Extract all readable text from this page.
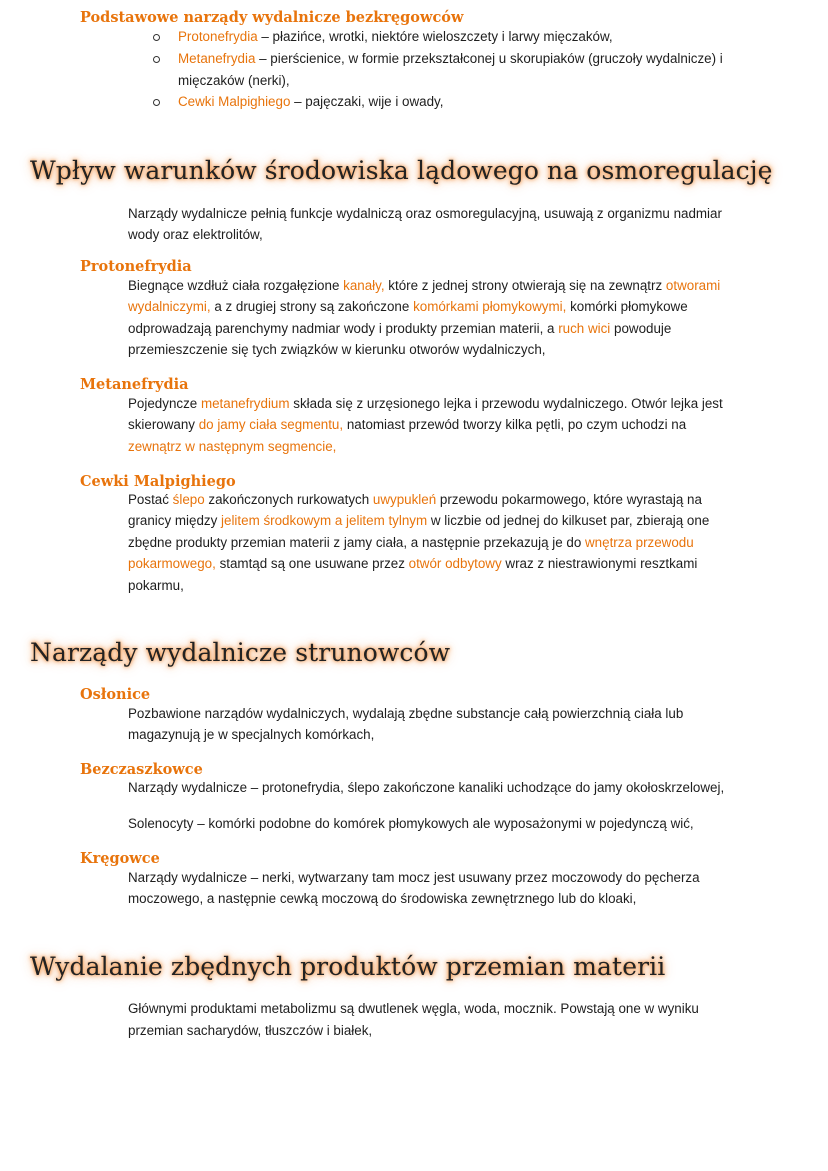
Podstawowe narządy wydalnicze bezkręgowców
Protonefrydia – płazińce, wrotki, niektóre wieloszczety i larwy mięczaków,
Metanefrydia – pierścienice, w formie przekształconej u skorupiaków (gruczoły wydalnicze) i
mięczaków (nerki),
Cewki Malpighiego – pajęczaki, wije i owady,
Wpływ warunków środowiska lądowego na osmoregulację
Narządy wydalnicze pełnią funkcje wydalniczą oraz osmoregulacyjną, usuwają z organizmu nadmiar
wody oraz elektrolitów,
Protonefrydia
Biegnące wzdłuż ciała rozgałęzione kanały, które z jednej strony otwierają się na zewnątrz otworami
wydalniczymi, a z drugiej strony są zakończone komórkami płomykowymi, komórki płomykowe
odprowadzają parenchymy nadmiar wody i produkty przemian materii, a ruch wici powoduje
przemieszczenie się tych związków w kierunku otworów wydalniczych,
Metanefrydia
Pojedyncze metanefrydium składa się z urzęsionego lejka i przewodu wydalniczego. Otwór lejka jest
skierowany do jamy ciała segmentu, natomiast przewód tworzy kilka pętli, po czym uchodzi na
zewnątrz w następnym segmencie,
Cewki Malpighiego
Postać ślepo zakończonych rurkowatych uwypukleń przewodu pokarmowego, które wyrastają na
granicy między jelitem środkowym a jelitem tylnym w liczbie od jednej do kilkuset par, zbierają one
zbędne produkty przemian materii z jamy ciała, a następnie przekazują je do wnętrza przewodu
pokarmowego, stamtąd są one usuwane przez otwór odbytowy wraz z niestrawionymi resztkami
pokarmu,
Narządy wydalnicze strunowców
Osłonice
Pozbawione narządów wydalniczych, wydalają zbędne substancje całą powierzchnią ciała lub
magazynują je w specjalnych komórkach,
Bezczaszkowce
Narządy wydalnicze – protonefrydia, ślepo zakończone kanaliki uchodzące do jamy okołoskrzelowej,
Solenocyty – komórki podobne do komórek płomykowych ale wyposażonymi w pojedynczą wić,
Kręgowce
Narządy wydalnicze – nerki, wytwarzany tam mocz jest usuwany przez moczowody do pęcherza
moczowego, a następnie cewką moczową do środowiska zewnętrznego lub do kloaki,
Wydalanie zbędnych produktów przemian materii
Głównymi produktami metabolizmu są dwutlenek węgla, woda, mocznik. Powstają one w wyniku
przemian sacharydów, tłuszczów i białek,
